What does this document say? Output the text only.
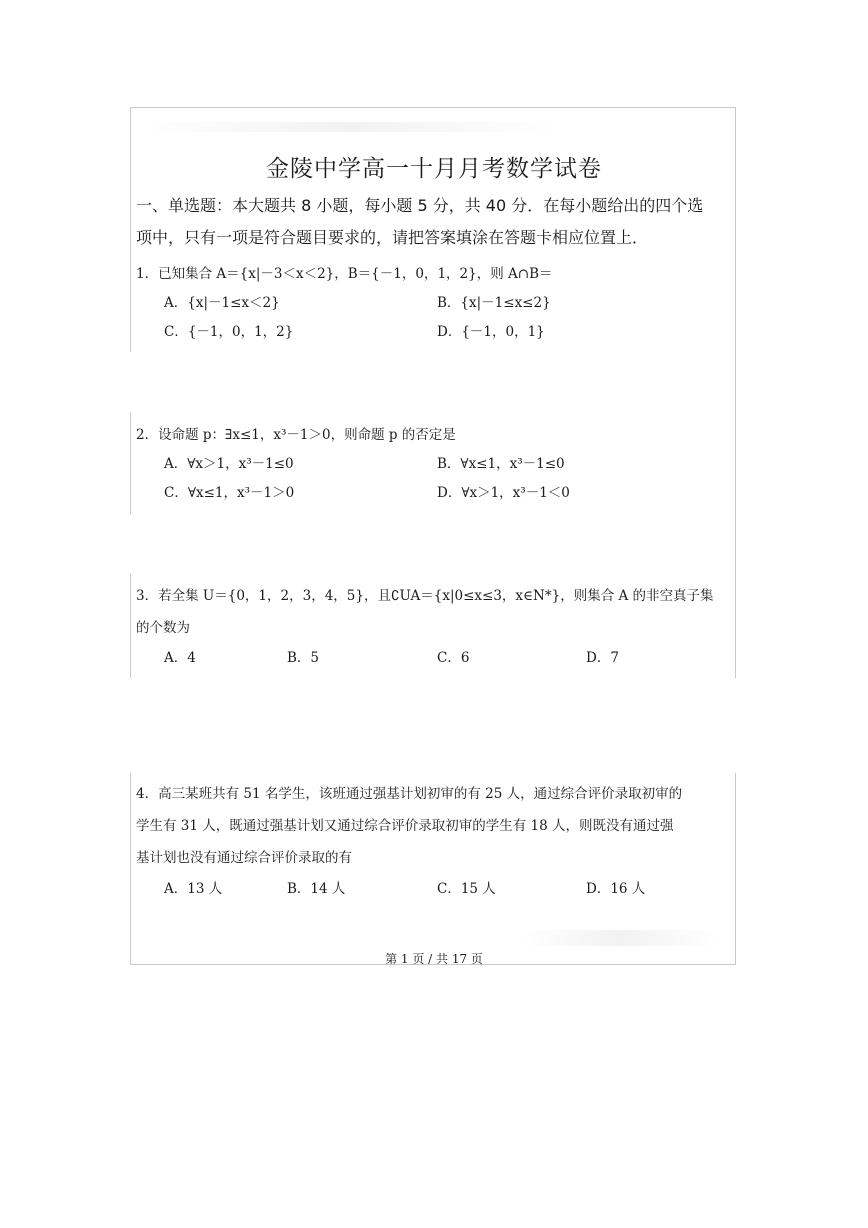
金陵中学高一十月月考数学试卷
一、单选题：本大题共 8 小题，每小题 5 分，共 40 分．在每小题给出的四个选
项中，只有一项是符合题目要求的，请把答案填涂在答题卡相应位置上．
1．已知集合 A＝{x|－3＜x＜2}，B＝{－1，0，1，2}，则 A∩B＝
A．{x|－1≤x＜2}	B．{x|－1≤x≤2}
C．{－1，0，1，2}	D．{－1，0，1}
2．设命题 p：∃x≤1，x³－1＞0，则命题 p 的否定是
A．∀x＞1，x³－1≤0	B．∀x≤1，x³－1≤0
C．∀x≤1，x³－1＞0	D．∀x＞1，x³－1＜0
3．若全集 U＝{0，1，2，3，4，5}，且∁UA＝{x|0≤x≤3，x∈N*}，则集合 A 的非空真子集
的个数为
A．4	B．5	C．6	D．7
4．高三某班共有 51 名学生，该班通过强基计划初审的有 25 人，通过综合评价录取初审的
学生有 31 人，既通过强基计划又通过综合评价录取初审的学生有 18 人，则既没有通过强
基计划也没有通过综合评价录取的有
A．13 人	B．14 人	C．15 人	D．16 人
第 1 页 / 共 17 页
